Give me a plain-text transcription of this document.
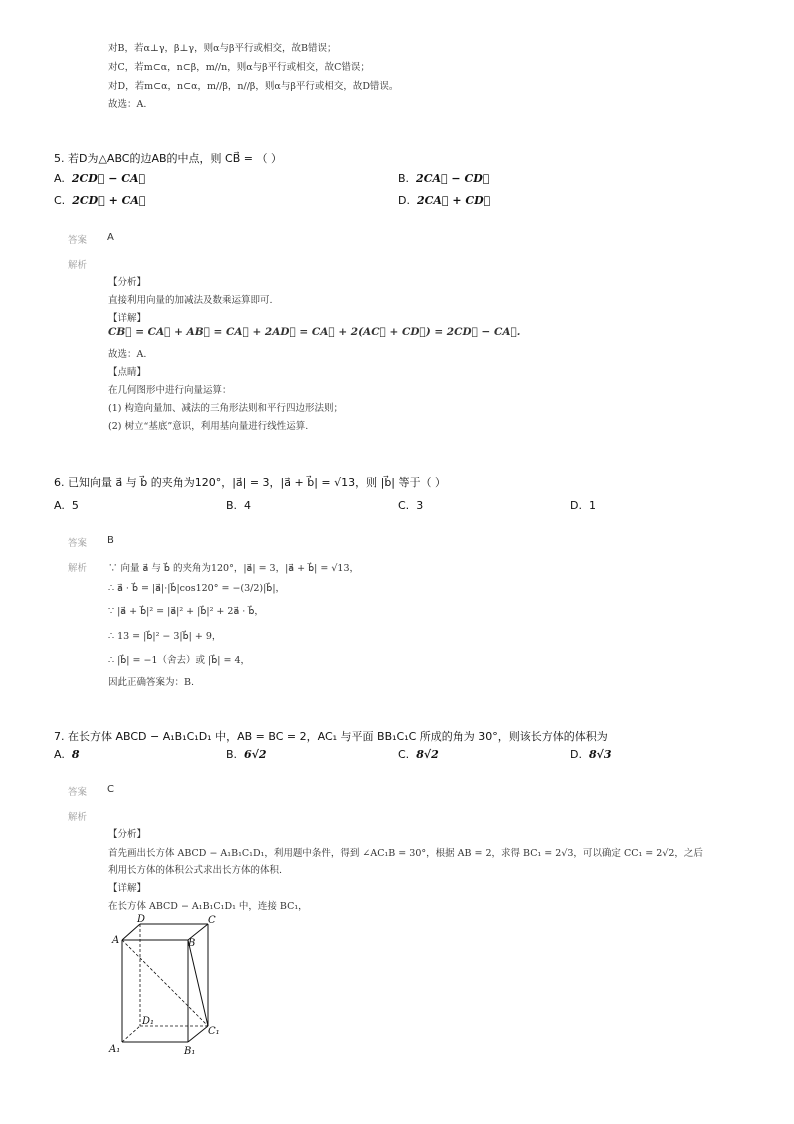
对B，若α⊥γ，β⊥γ，则α与β平行或相交，故B错误；
对C，若m⊂α，n⊂β，m//n，则α与β平行或相交，故C错误；
对D，若m⊂α，n⊂α，m//β，n//β，则α与β平行或相交，故D错误。
故选：A.
5. 若D为△ABC的边AB的中点，则 CB⃗ = （ ）
A. 2CD⃗ − CA⃗	B. 2CA⃗ − CD⃗
C. 2CD⃗ + CA⃗	D. 2CA⃗ + CD⃗
答案 A
解析
【分析】
直接利用向量的加减法及数乘运算即可.
【详解】
CB⃗ = CA⃗ + AB⃗ = CA⃗ + 2AD⃗ = CA⃗ + 2(AC⃗ + CD⃗) = 2CD⃗ − CA⃗.
故选：A.
【点睛】
在几何图形中进行向量运算：
(1) 构造向量加、减法的三角形法则和平行四边形法则；
(2) 树立“基底”意识，利用基向量进行线性运算.
6. 已知向量 a⃗ 与 b⃗ 的夹角为120°，|a⃗| = 3，|a⃗ + b⃗| = √13，则 |b⃗| 等于（ ）
A. 5	B. 4	C. 3	D. 1
答案 B
解析 ∵ 向量 a⃗ 与 b⃗ 的夹角为120°，|a⃗| = 3，|a⃗ + b⃗| = √13，
∴ a⃗ · b⃗ = |a⃗|·|b⃗|cos120° = −(3/2)|b⃗|，
∵ |a⃗ + b⃗|² = |a⃗|² + |b⃗|² + 2a⃗ · b⃗，
∴ 13 = |b⃗|² − 3|b⃗| + 9，
∴ |b⃗| = −1（舍去）或 |b⃗| = 4，
因此正确答案为：B.
7. 在长方体 ABCD − A₁B₁C₁D₁ 中，AB = BC = 2，AC₁ 与平面 BB₁C₁C 所成的角为 30°，则该长方体的体积为
A. 8	B. 6√2	C. 8√2	D. 8√3
答案 C
解析
【分析】
首先画出长方体 ABCD − A₁B₁C₁D₁，利用题中条件，得到 ∠AC₁B = 30°，根据 AB = 2，求得 BC₁ = 2√3，可以确定 CC₁ = 2√2，之后
利用长方体的体积公式求出长方体的体积.
【详解】
在长方体 ABCD − A₁B₁C₁D₁ 中，连接 BC₁，
D	C
A	B
D₁
C₁
A₁	B₁
